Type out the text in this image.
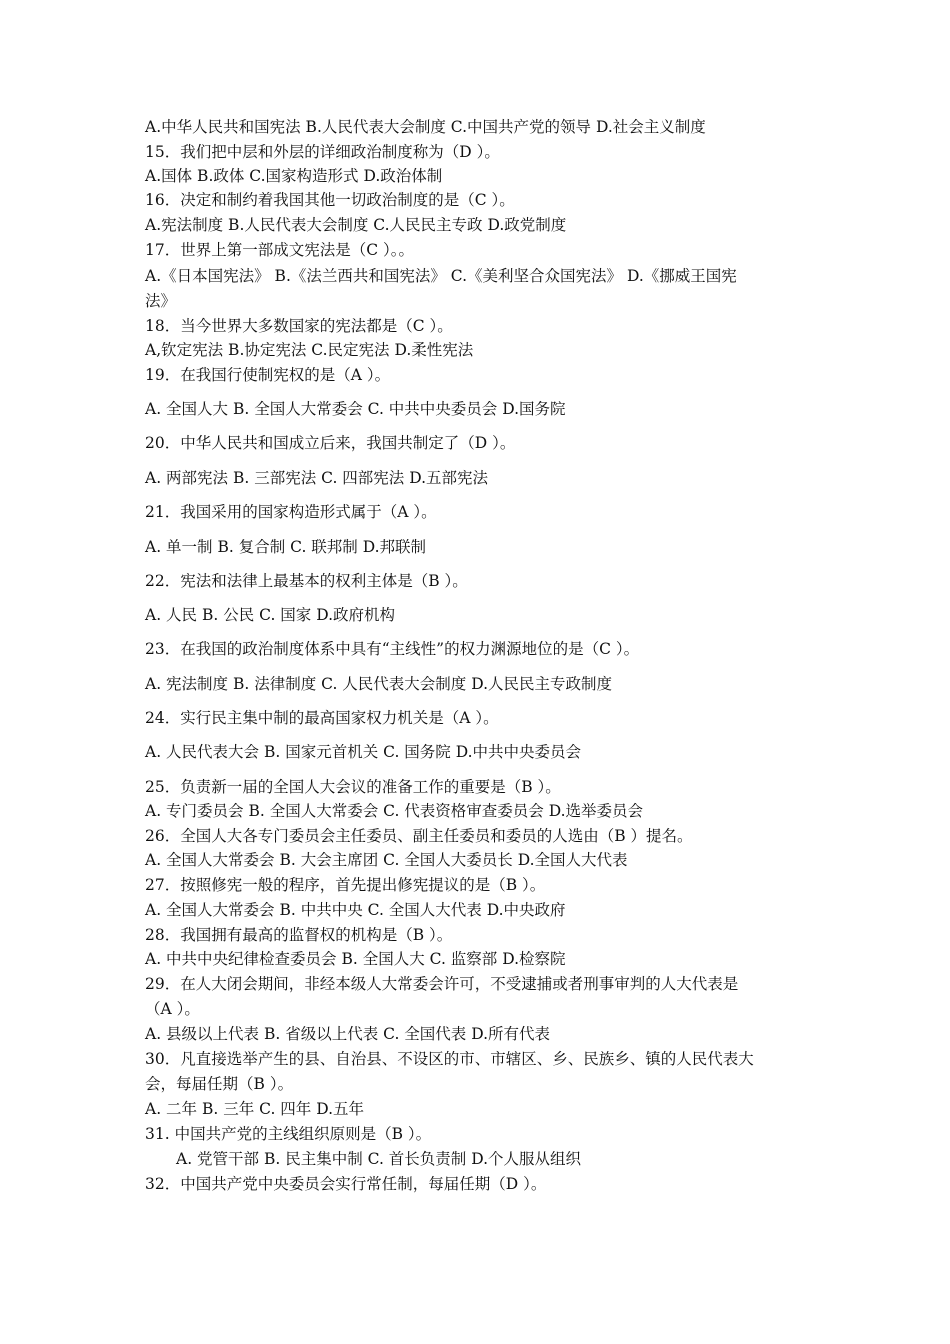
A.中华人民共和国宪法 B.人民代表大会制度 C.中国共产党的领导 D.社会主义制度
15．我们把中层和外层的详细政治制度称为（D ）。
A.国体 B.政体 C.国家构造形式 D.政治体制
16．决定和制约着我国其他一切政治制度的是（C ）。
A.宪法制度 B.人民代表大会制度 C.人民民主专政 D.政党制度
17．世界上第一部成文宪法是（C ）。。
A.《日本国宪法》 B.《法兰西共和国宪法》 C.《美利坚合众国宪法》 D.《挪威王国宪
法》
18．当今世界大多数国家的宪法都是（C ）。
A,钦定宪法 B.协定宪法 C.民定宪法 D.柔性宪法
19．在我国行使制宪权的是（A ）。
A. 全国人大 B. 全国人大常委会 C. 中共中央委员会 D.国务院
20．中华人民共和国成立后来，我国共制定了（D ）。
A. 两部宪法 B. 三部宪法 C. 四部宪法 D.五部宪法
21．我国采用的国家构造形式属于（A ）。
A. 单一制 B. 复合制 C. 联邦制 D.邦联制
22．宪法和法律上最基本的权利主体是（B ）。
A. 人民 B. 公民 C. 国家 D.政府机构
23．在我国的政治制度体系中具有“主线性”的权力渊源地位的是（C ）。
A. 宪法制度 B. 法律制度 C. 人民代表大会制度 D.人民民主专政制度
24．实行民主集中制的最高国家权力机关是（A ）。
A. 人民代表大会 B. 国家元首机关 C. 国务院 D.中共中央委员会
25．负责新一届的全国人大会议的准备工作的重要是（B ）。
A. 专门委员会 B. 全国人大常委会 C. 代表资格审查委员会 D.选举委员会
26．全国人大各专门委员会主任委员、副主任委员和委员的人选由（B ）提名。
A. 全国人大常委会 B. 大会主席团 C. 全国人大委员长 D.全国人大代表
27．按照修宪一般的程序，首先提出修宪提议的是（B ）。
A. 全国人大常委会 B. 中共中央 C. 全国人大代表 D.中央政府
28．我国拥有最高的监督权的机构是（B ）。
A. 中共中央纪律检查委员会 B. 全国人大 C. 监察部 D.检察院
29．在人大闭会期间，非经本级人大常委会许可，不受逮捕或者刑事审判的人大代表是
（A ）。
A. 县级以上代表 B. 省级以上代表 C. 全国代表 D.所有代表
30．凡直接选举产生的县、自治县、不设区的市、市辖区、乡、民族乡、镇的人民代表大
会，每届任期（B ）。
A. 二年 B. 三年 C. 四年 D.五年
31. 中国共产党的主线组织原则是（B ）。
A. 党管干部 B. 民主集中制 C. 首长负责制 D.个人服从组织
32．中国共产党中央委员会实行常任制，每届任期（D ）。
